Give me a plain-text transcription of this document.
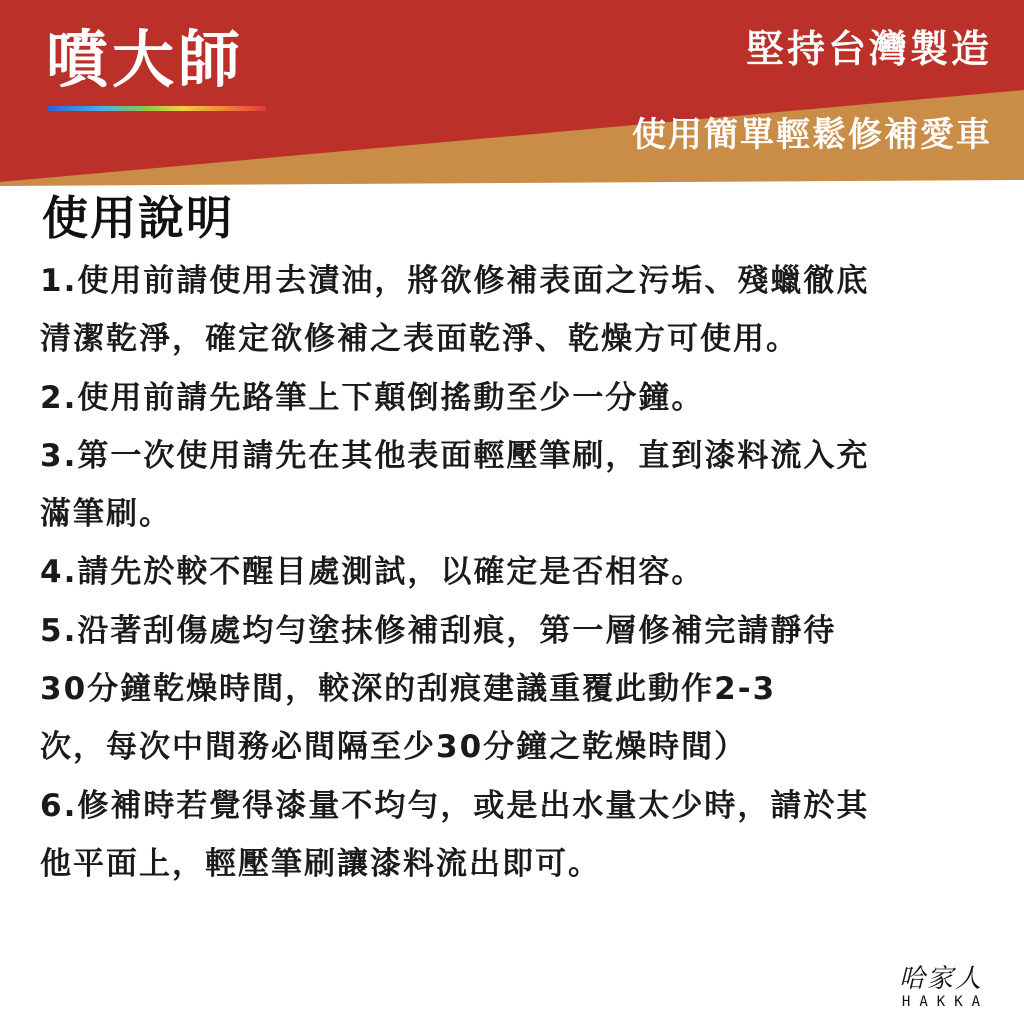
噴大師	堅持台灣製造
使用簡單輕鬆修補愛車
使用說明
1.使用前請使用去漬油，將欲修補表面之污垢、殘蠟徹底
清潔乾淨，確定欲修補之表面乾淨、乾燥方可使用。
2.使用前請先路筆上下顛倒搖動至少一分鐘。
3.第一次使用請先在其他表面輕壓筆刷，直到漆料流入充
滿筆刷。
4.請先於較不醒目處測試，以確定是否相容。
5.沿著刮傷處均勻塗抹修補刮痕，第一層修補完請靜待
30分鐘乾燥時間，較深的刮痕建議重覆此動作2-3
次，每次中間務必間隔至少30分鐘之乾燥時間）
6.修補時若覺得漆量不均勻，或是出水量太少時，請於其
他平面上，輕壓筆刷讓漆料流出即可。
哈家人
HAKKA
